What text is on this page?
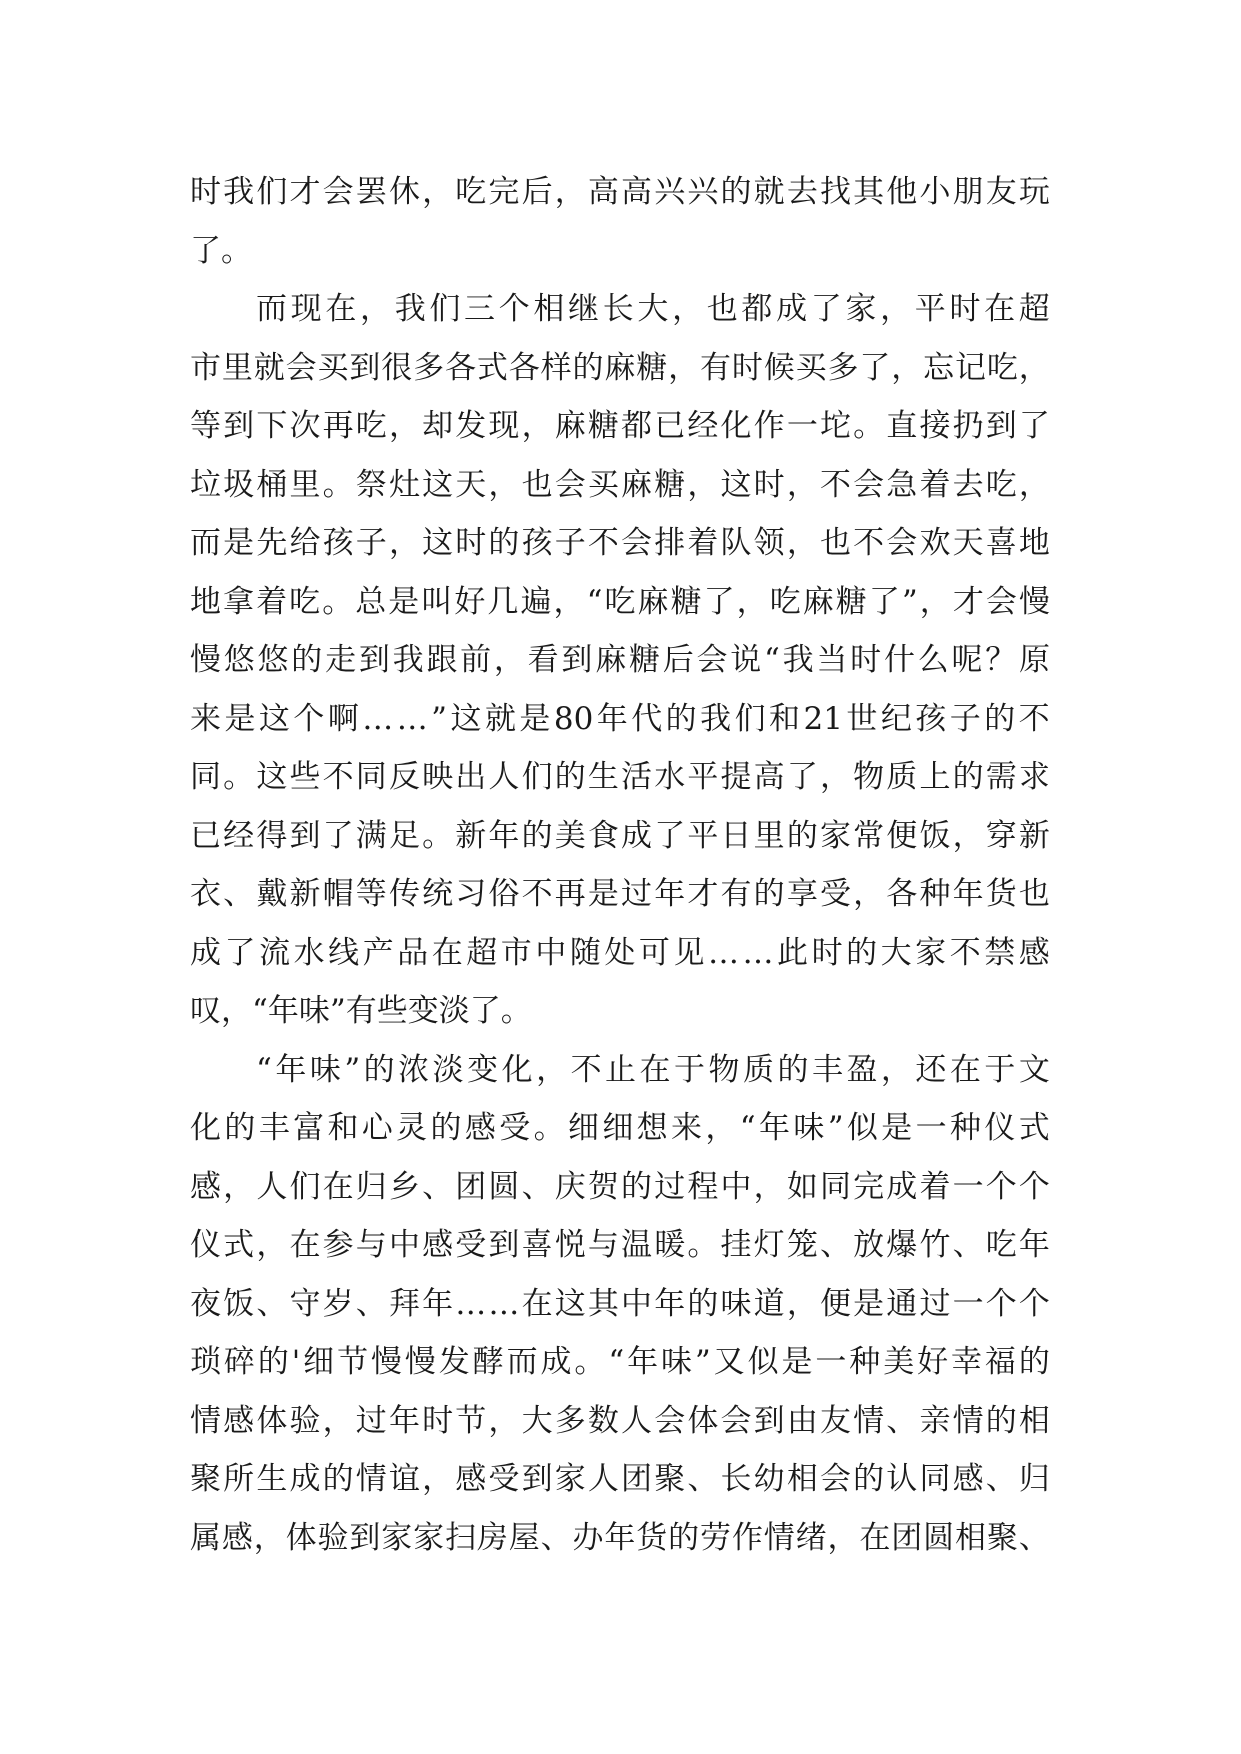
时 我 们 才 会 罢 休 ， 吃 完 后 ， 高 高 兴 兴 的 就 去 找 其 他 小 朋 友 玩
了。
而 现 在 ， 我 们 三 个 相 继 长 大 ， 也 都 成 了 家 ， 平 时 在 超
市 里 就 会 买 到 很 多 各 式 各 样 的 麻 糖 ， 有 时 候 买 多 了 ， 忘 记 吃 ，
等 到 下 次 再 吃 ， 却 发 现 ， 麻 糖 都 已 经 化 作 一 坨 。 直 接 扔 到 了
垃 圾 桶 里 。 祭 灶 这 天 ， 也 会 买 麻 糖 ， 这 时 ， 不 会 急 着 去 吃 ，
而 是 先 给 孩 子 ， 这 时 的 孩 子 不 会 排 着 队 领 ， 也 不 会 欢 天 喜 地
地 拿 着 吃 。 总 是 叫 好 几 遍 ， “ 吃 麻 糖 了 ， 吃 麻 糖 了 ” ， 才 会 慢
慢 悠 悠 的 走 到 我 跟 前 ， 看 到 麻 糖 后 会 说 “ 我 当 时 什 么 呢 ？ 原
来 是 这 个 啊 … … ” 这 就 是 80 年 代 的 我 们 和 21 世 纪 孩 子 的 不
同 。 这 些 不 同 反 映 出 人 们 的 生 活 水 平 提 高 了 ， 物 质 上 的 需 求
已 经 得 到 了 满 足 。 新 年 的 美 食 成 了 平 日 里 的 家 常 便 饭 ， 穿 新
衣 、 戴 新 帽 等 传 统 习 俗 不 再 是 过 年 才 有 的 享 受 ， 各 种 年 货 也
成 了 流 水 线 产 品 在 超 市 中 随 处 可 见 … … 此 时 的 大 家 不 禁 感
叹，“年味”有些变淡了。
“ 年 味 ” 的 浓 淡 变 化 ， 不 止 在 于 物 质 的 丰 盈 ， 还 在 于 文
化 的 丰 富 和 心 灵 的 感 受 。 细 细 想 来 ， “ 年 味 ” 似 是 一 种 仪 式
感 ， 人 们 在 归 乡 、 团 圆 、 庆 贺 的 过 程 中 ， 如 同 完 成 着 一 个 个
仪 式 ， 在 参 与 中 感 受 到 喜 悦 与 温 暖 。 挂 灯 笼 、 放 爆 竹 、 吃 年
夜 饭 、 守 岁 、 拜 年 … … 在 这 其 中 年 的 味 道 ， 便 是 通 过 一 个 个
琐 碎 的 ' 细 节 慢 慢 发 酵 而 成 。 “ 年 味 ” 又 似 是 一 种 美 好 幸 福 的
情 感 体 验 ， 过 年 时 节 ， 大 多 数 人 会 体 会 到 由 友 情 、 亲 情 的 相
聚 所 生 成 的 情 谊 ， 感 受 到 家 人 团 聚 、 长 幼 相 会 的 认 同 感 、 归
属 感 ， 体 验 到 家 家 扫 房 屋 、 办 年 货 的 劳 作 情 绪 ， 在 团 圆 相 聚 、
